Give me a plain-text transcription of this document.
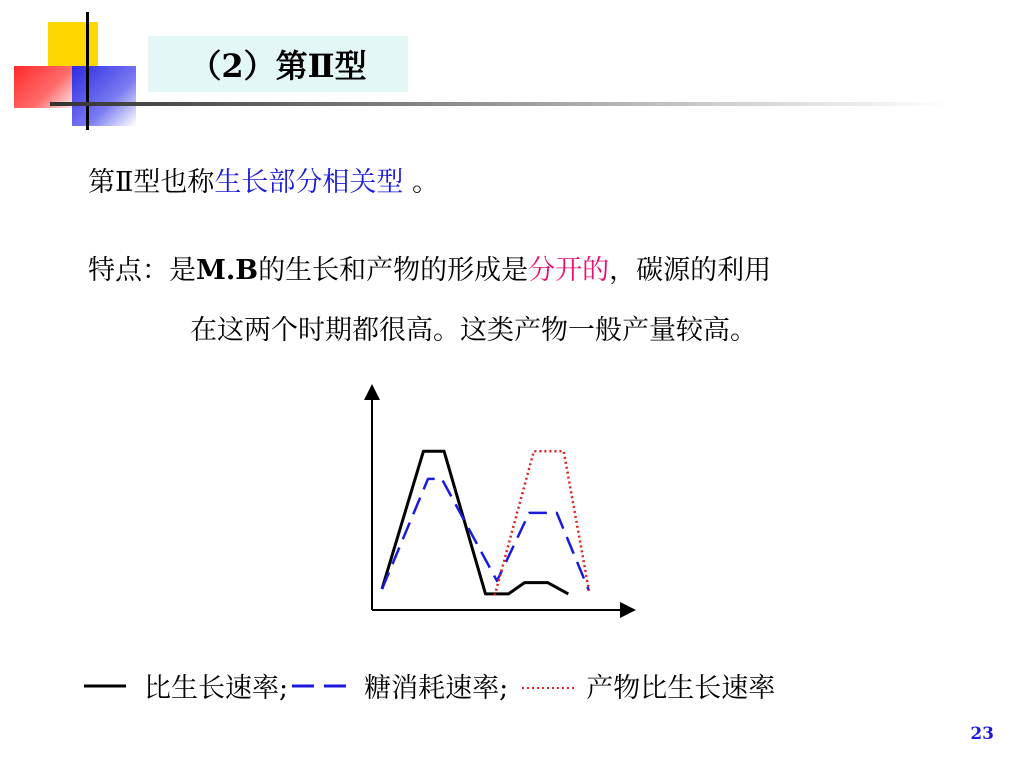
（2）第Ⅱ型
第Ⅱ型也称生长部分相关型 。
特点：是M.B的生长和产物的形成是分开的，碳源的利用
在这两个时期都很高。这类产物一般产量较高。
比生长速率;	糖消耗速率;	产物比生长速率
23
